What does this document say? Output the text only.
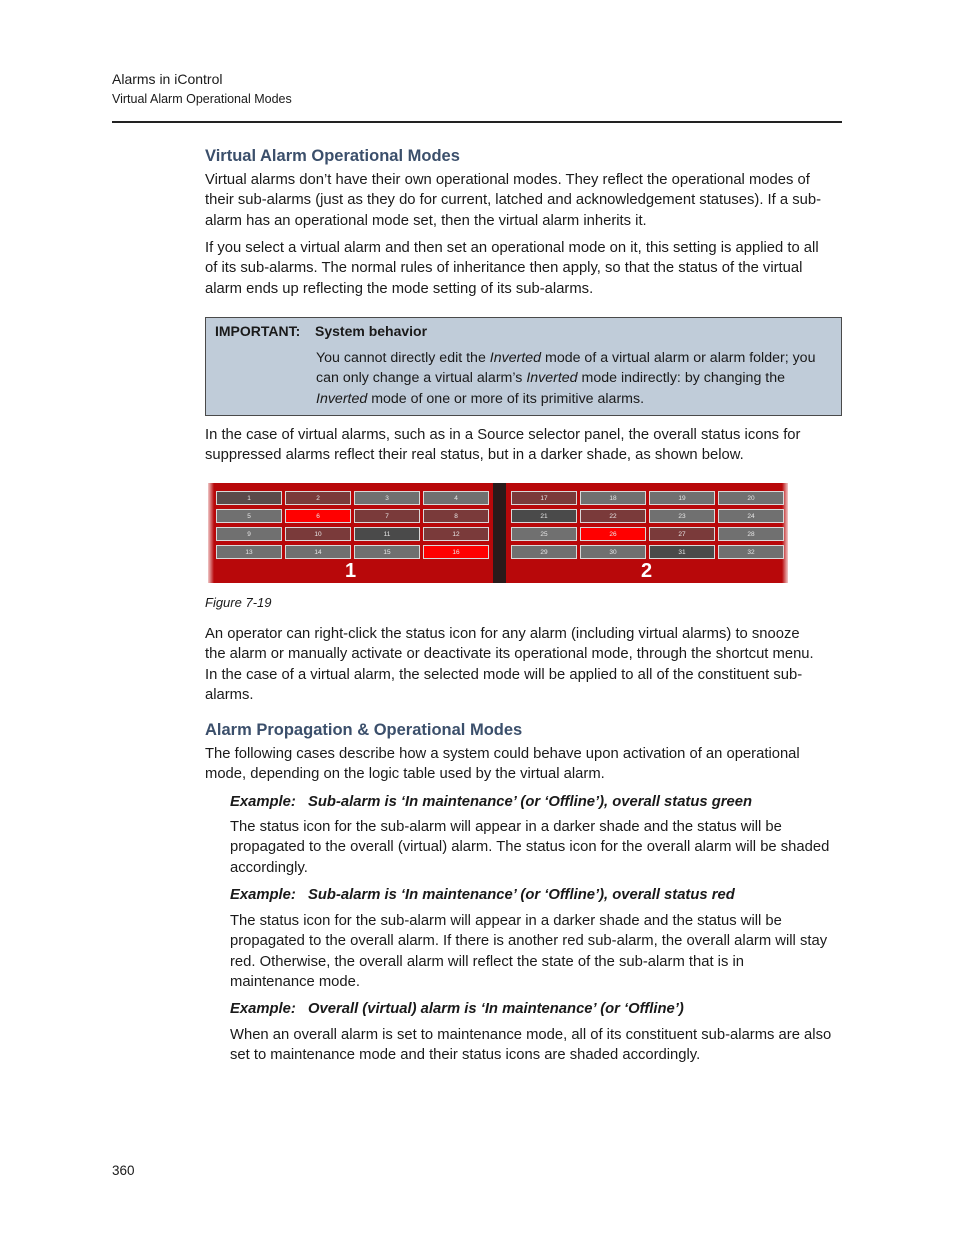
Alarms in iControl
Virtual Alarm Operational Modes
Virtual Alarm Operational Modes
Virtual alarms don’t have their own operational modes. They reflect the operational modes of
their sub-alarms (just as they do for current, latched and acknowledgement statuses). If a sub-
alarm has an operational mode set, then the virtual alarm inherits it.
If you select a virtual alarm and then set an operational mode on it, this setting is applied to all
of its sub-alarms. The normal rules of inheritance then apply, so that the status of the virtual
alarm ends up reflecting the mode setting of its sub-alarms.
IMPORTANT: System behavior
You cannot directly edit the Inverted mode of a virtual alarm or alarm folder; you can only change a virtual alarm’s Inverted mode indirectly: by changing the Inverted mode of one or more of its primitive alarms.
In the case of virtual alarms, such as in a Source selector panel, the overall status icons for
suppressed alarms reflect their real status, but in a darker shade, as shown below.
1	2	3	4
5	6	7	8
9	10	11	12
13	14	15	16
17	18	19	20
21	22	23	24
25	26	27	28
29	30	31	32
1	2
Figure 7-19
An operator can right-click the status icon for any alarm (including virtual alarms) to snooze
the alarm or manually activate or deactivate its operational mode, through the shortcut menu.
In the case of a virtual alarm, the selected mode will be applied to all of the constituent sub-
alarms.
Alarm Propagation & Operational Modes
The following cases describe how a system could behave upon activation of an operational
mode, depending on the logic table used by the virtual alarm.
Example: Sub-alarm is ‘In maintenance’ (or ‘Offline’), overall status green
The status icon for the sub-alarm will appear in a darker shade and the status will be
propagated to the overall (virtual) alarm. The status icon for the overall alarm will be shaded
accordingly.
Example: Sub-alarm is ‘In maintenance’ (or ‘Offline’), overall status red
The status icon for the sub-alarm will appear in a darker shade and the status will be
propagated to the overall alarm. If there is another red sub-alarm, the overall alarm will stay
red. Otherwise, the overall alarm will reflect the state of the sub-alarm that is in
maintenance mode.
Example: Overall (virtual) alarm is ‘In maintenance’ (or ‘Offline’)
When an overall alarm is set to maintenance mode, all of its constituent sub-alarms are also
set to maintenance mode and their status icons are shaded accordingly.
360
